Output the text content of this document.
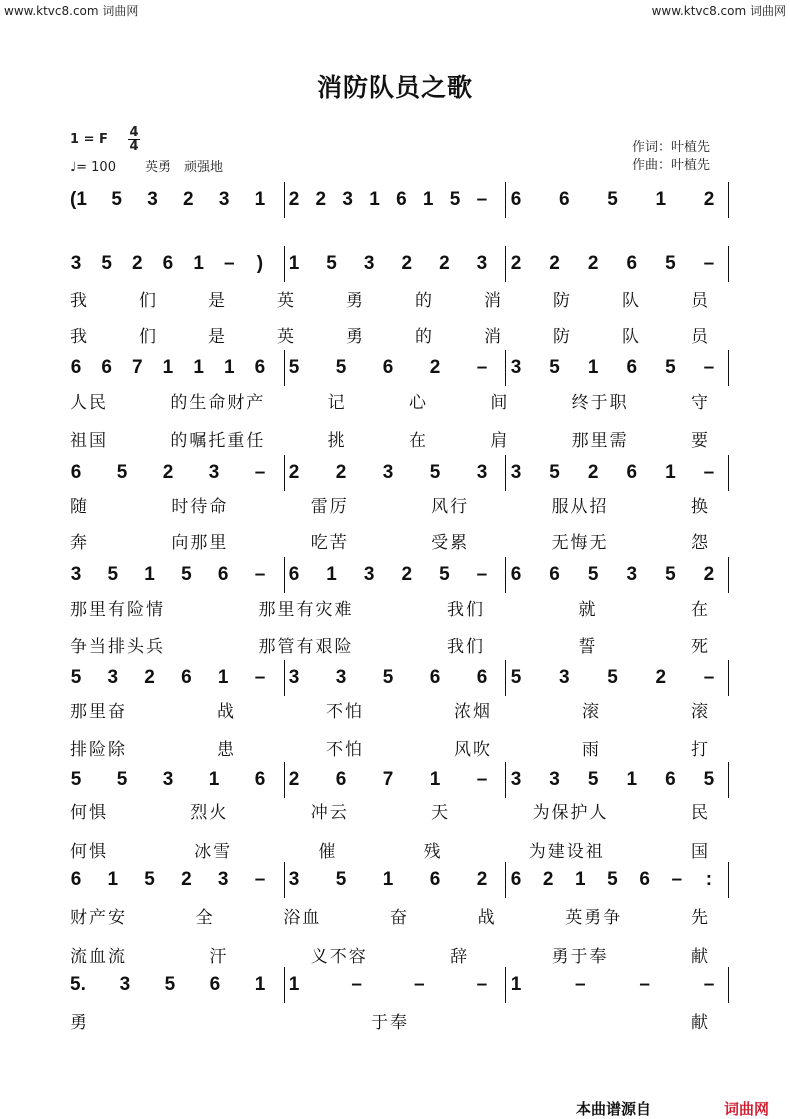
www.ktvc8.com 词曲网	www.ktvc8.com 词曲网
消防队员之歌
1 = F 4
4
♩= 100 英勇　顽强地
作词：叶植先
作曲：叶植先
(1 5 3 2 3 1 2 2 3 1 6 1 5 – 6 6 5 1 2
3 5 2 6 1 – ) 1 5 3 2 2 3 2 2 2 6 5 –
6 6 7 1 1 1 6 5 5 6 2 – 3 5 1 6 5 –
6 5 2 3 – 2 2 3 5 3 3 5 2 6 1 –
3 5 1 5 6 – 6 1 3 2 5 – 6 6 5 3 5 2
5 3 2 6 1 – 3 3 5 6 6 5 3 5 2 –
5 5 3 1 6 2 6 7 1 – 3 3 5 1 6 5
6 1 5 2 3 – 3 5 1 6 2 6 2 1 5 6 – :
5. 3 5 6 1 1	–	–	– 1	–	–	–
我	们	是	英	勇	的	消	防	队	员
我	们	是	英	勇	的	消	防	队	员
人民	的生命财产	记	心	间	终于职	守
祖国	的嘱托重任	挑	在	肩	那里需	要
随	时待命	雷厉	风行	服从招	换
奔	向那里	吃苦	受累	无悔无	怨
那里有险情	那里有灾难	我们	就	在
争当排头兵	那管有艰险	我们	誓	死
那里奋	战	不怕	浓烟	滚	滚
排险除	患	不怕	风吹	雨	打
何惧	烈火	冲云	天	为保护人	民
何惧	冰雪	催	残	为建设祖	国
财产安	全	浴血	奋	战	英勇争	先
流血流	汗	义不容	辞	勇于奉	献
勇	于奉	献
本曲谱源自	词曲网
